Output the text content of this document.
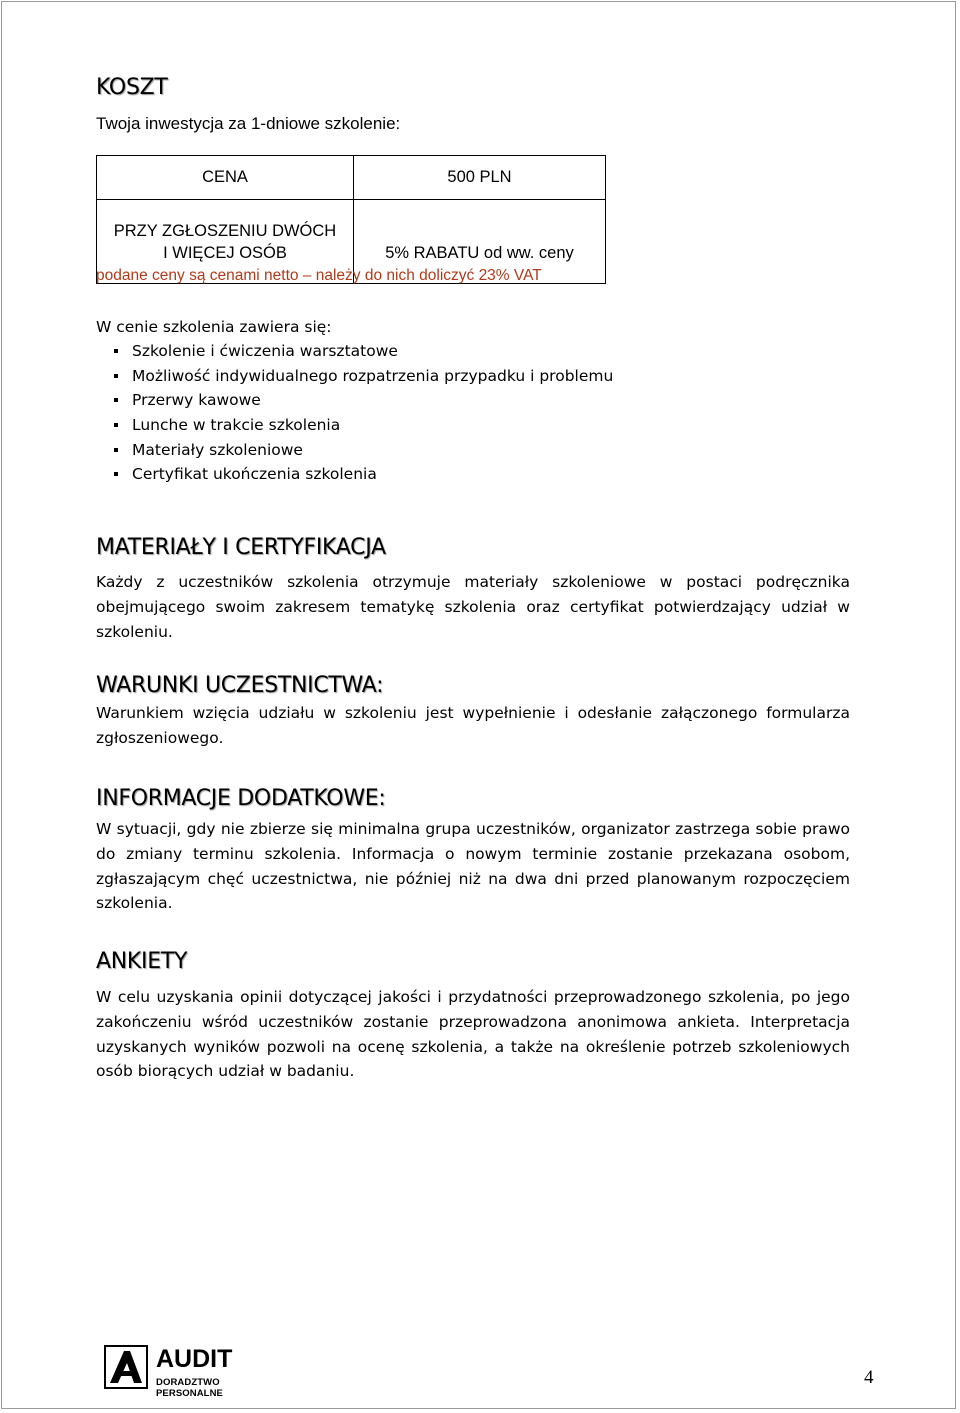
KOSZT

Twoja inwestycja za 1-dniowe szkolenie:

CENA	500 PLN
PRZY ZGŁOSZENIU DWÓCH
I WIĘCEJ OSÓB	5% RABATU od ww. ceny

podane ceny są cenami netto – należy do nich doliczyć 23% VAT

W cenie szkolenia zawiera się:

Szkolenie i ćwiczenia warsztatowe
Możliwość indywidualnego rozpatrzenia przypadku i problemu
Przerwy kawowe
Lunche w trakcie szkolenia
Materiały szkoleniowe
Certyfikat ukończenia szkolenia
MATERIAŁY I CERTYFIKACJA

Każdy z uczestników szkolenia otrzymuje materiały szkoleniowe w postaci podręcznika obejmującego swoim zakresem tematykę szkolenia oraz certyfikat potwierdzający udział w szkoleniu.

WARUNKI UCZESTNICTWA:

Warunkiem wzięcia udziału w szkoleniu jest wypełnienie i odesłanie załączonego formularza zgłoszeniowego.

INFORMACJE DODATKOWE:

W sytuacji, gdy nie zbierze się minimalna grupa uczestników, organizator zastrzega sobie prawo do zmiany terminu szkolenia. Informacja o nowym terminie zostanie przekazana osobom, zgłaszającym chęć uczestnictwa, nie później niż na dwa dni przed planowanym rozpoczęciem szkolenia.

ANKIETY

W celu uzyskania opinii dotyczącej jakości i przydatności przeprowadzonego szkolenia, po jego zakończeniu wśród uczestników zostanie przeprowadzona anonimowa ankieta. Interpretacja uzyskanych wyników pozwoli na ocenę szkolenia, a także na określenie potrzeb szkoleniowych osób biorących udział w badaniu.

AUDIT
DORADZTWO PERSONALNE
4
